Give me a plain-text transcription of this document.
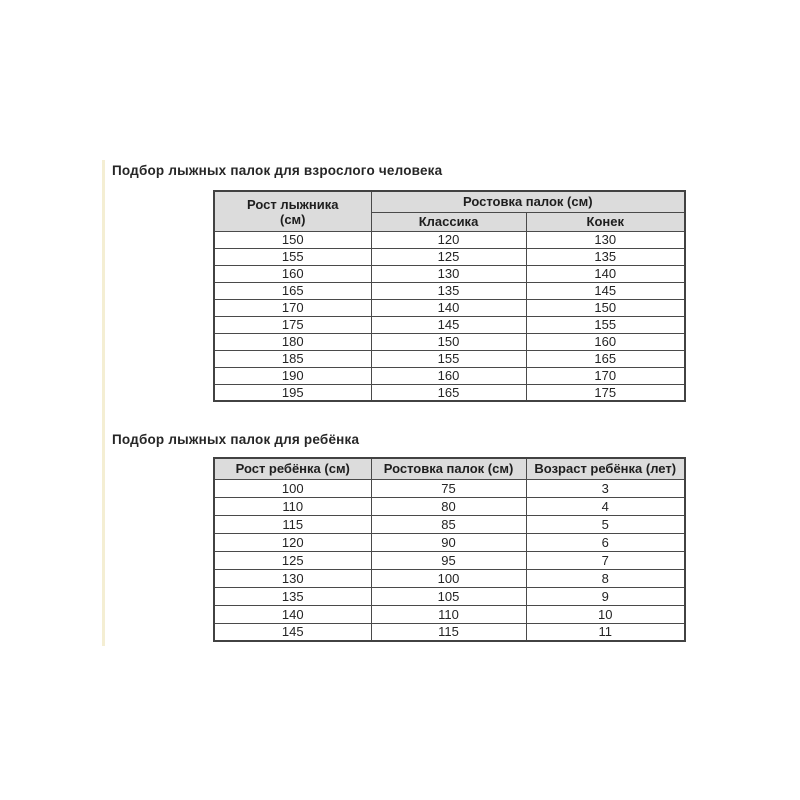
Подбор лыжных палок для взрослого человека
Рост лыжника (см)	Ростовка палок (см)	
	Классика	Конек
150	120	130
155	125	135
160	130	140
165	135	145
170	140	150
175	145	155
180	150	160
185	155	165
190	160	170
195	165	175
Подбор лыжных палок для ребёнка
Рост ребёнка (см)	Ростовка палок (см)	Возраст ребёнка (лет)
100	75	3
110	80	4
115	85	5
120	90	6
125	95	7
130	100	8
135	105	9
140	110	10
145	115	11
